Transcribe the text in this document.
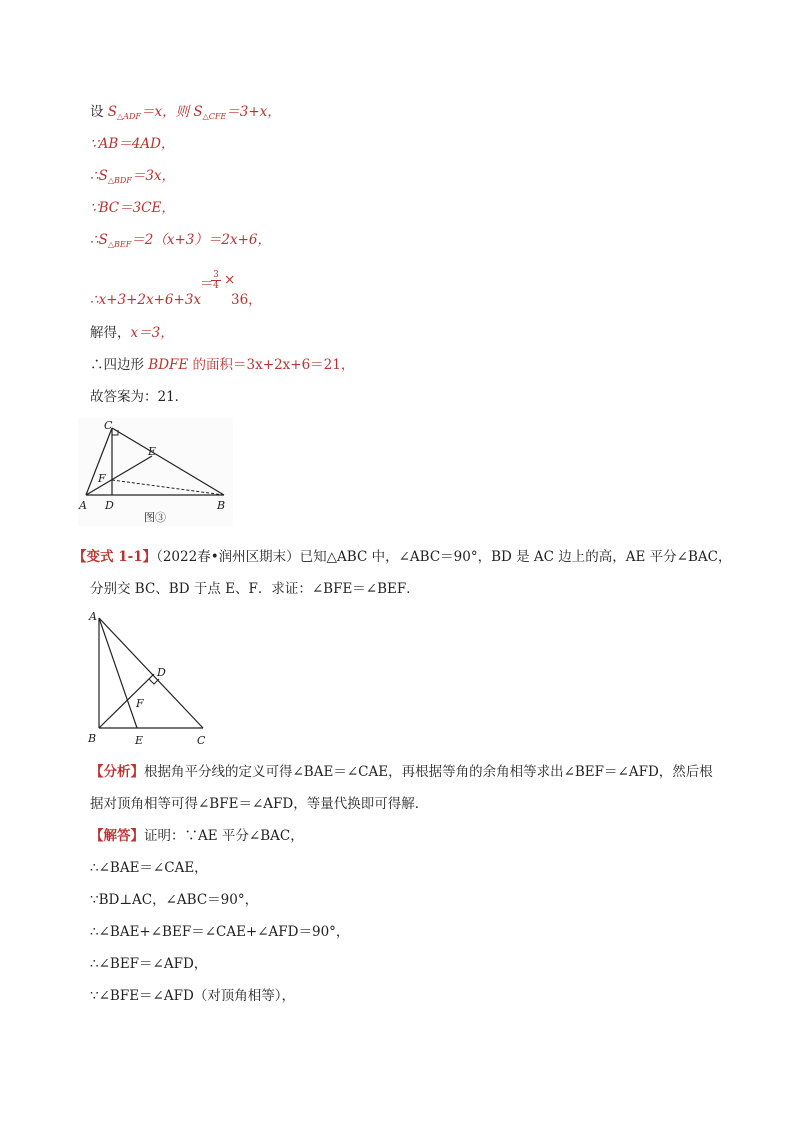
设 $S_{\triangle ADF}=x$，则 $S_{\triangle CFE}=3+x$，
∵AB＝4AD，
$\therefore S_{\triangle BDF}=3x$，
∵BC＝3CE，
$\therefore S_{\triangle BEF}=2(x+3)=2x+6$，
∴x+3+2x+6+3x
＝
3
4 ×
36，
解得，x＝3，
∴四边形 BDFE 的面积＝3x+2x+6＝21，
故答案为：21．
C
E
F
A D	B
图③
【变式 1-1】（2022春•润州区期末）已知△ABC 中，∠ABC＝90°，BD 是 AC 边上的高，AE 平分∠BAC，
分别交 BC、BD 于点 E、F．求证：∠BFE＝∠BEF．
A
D
F
B	E	C
【分析】根据角平分线的定义可得∠BAE＝∠CAE，再根据等角的余角相等求出∠BEF＝∠AFD，然后根
据对顶角相等可得∠BFE＝∠AFD，等量代换即可得解．
【解答】证明：∵AE 平分∠BAC，
∴∠BAE＝∠CAE，
∵BD⊥AC，∠ABC＝90°，
∴∠BAE+∠BEF＝∠CAE+∠AFD＝90°，
∴∠BEF＝∠AFD，
∵∠BFE＝∠AFD（对顶角相等），
